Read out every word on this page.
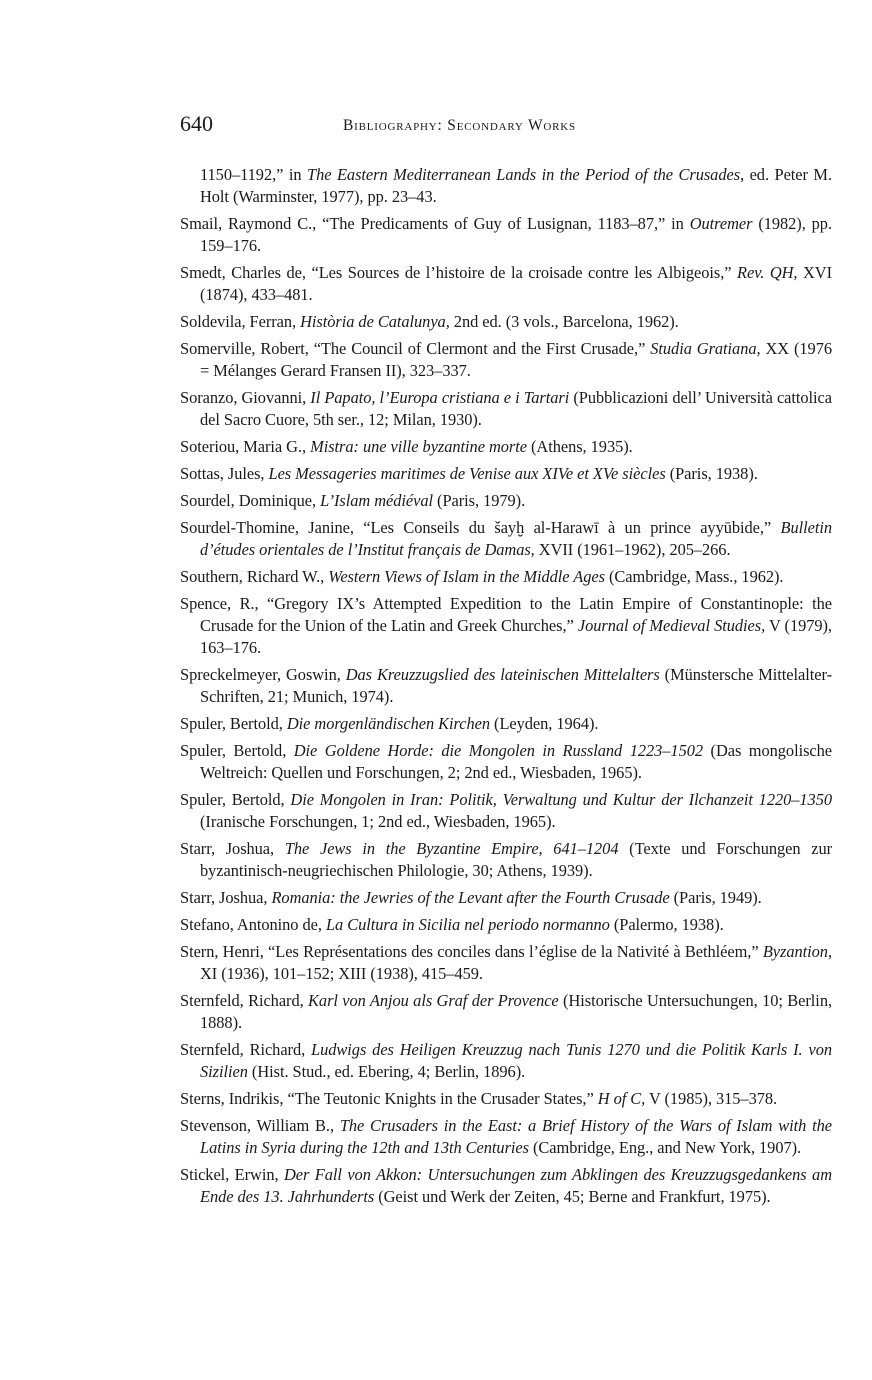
640	Bibliography: Secondary Works

1150–1192,” in The Eastern Mediterranean Lands in the Period of the Crusades, ed. Peter M. Holt (Warminster, 1977), pp. 23–43.

Smail, Raymond C., “The Predicaments of Guy of Lusignan, 1183–87,” in Outremer (1982), pp. 159–176.

Smedt, Charles de, “Les Sources de l’histoire de la croisade contre les Albigeois,” Rev. QH, XVI (1874), 433–481.

Soldevila, Ferran, Història de Catalunya, 2nd ed. (3 vols., Barcelona, 1962).

Somerville, Robert, “The Council of Clermont and the First Crusade,” Studia Gratiana, XX (1976 = Mélanges Gerard Fransen II), 323–337.

Soranzo, Giovanni, Il Papato, l’Europa cristiana e i Tartari (Pubblicazioni dell’ Università cattolica del Sacro Cuore, 5th ser., 12; Milan, 1930).

Soteriou, Maria G., Mistra: une ville byzantine morte (Athens, 1935).

Sottas, Jules, Les Messageries maritimes de Venise aux XIVe et XVe siècles (Paris, 1938).

Sourdel, Dominique, L’Islam médiéval (Paris, 1979).

Sourdel-Thomine, Janine, “Les Conseils du šayḫ al-Harawī à un prince ayyūbide,” Bulletin d’études orientales de l’Institut français de Damas, XVII (1961–1962), 205–266.

Southern, Richard W., Western Views of Islam in the Middle Ages (Cambridge, Mass., 1962).

Spence, R., “Gregory IX’s Attempted Expedition to the Latin Empire of Constantinople: the Crusade for the Union of the Latin and Greek Churches,” Journal of Medieval Studies, V (1979), 163–176.

Spreckelmeyer, Goswin, Das Kreuzzugslied des lateinischen Mittelalters (Münstersche Mittelalter-Schriften, 21; Munich, 1974).

Spuler, Bertold, Die morgenländischen Kirchen (Leyden, 1964).

Spuler, Bertold, Die Goldene Horde: die Mongolen in Russland 1223–1502 (Das mongolische Weltreich: Quellen und Forschungen, 2; 2nd ed., Wiesbaden, 1965).

Spuler, Bertold, Die Mongolen in Iran: Politik, Verwaltung und Kultur der Ilchanzeit 1220–1350 (Iranische Forschungen, 1; 2nd ed., Wiesbaden, 1965).

Starr, Joshua, The Jews in the Byzantine Empire, 641–1204 (Texte und Forschungen zur byzantinisch-neugriechischen Philologie, 30; Athens, 1939).

Starr, Joshua, Romania: the Jewries of the Levant after the Fourth Crusade (Paris, 1949).

Stefano, Antonino de, La Cultura in Sicilia nel periodo normanno (Palermo, 1938).

Stern, Henri, “Les Représentations des conciles dans l’église de la Nativité à Bethléem,” Byzantion, XI (1936), 101–152; XIII (1938), 415–459.

Sternfeld, Richard, Karl von Anjou als Graf der Provence (Historische Untersuchungen, 10; Berlin, 1888).

Sternfeld, Richard, Ludwigs des Heiligen Kreuzzug nach Tunis 1270 und die Politik Karls I. von Sizilien (Hist. Stud., ed. Ebering, 4; Berlin, 1896).

Sterns, Indrikis, “The Teutonic Knights in the Crusader States,” H of C, V (1985), 315–378.

Stevenson, William B., The Crusaders in the East: a Brief History of the Wars of Islam with the Latins in Syria during the 12th and 13th Centuries (Cambridge, Eng., and New York, 1907).

Stickel, Erwin, Der Fall von Akkon: Untersuchungen zum Abklingen des Kreuzzugsgedankens am Ende des 13. Jahrhunderts (Geist und Werk der Zeiten, 45; Berne and Frankfurt, 1975).
